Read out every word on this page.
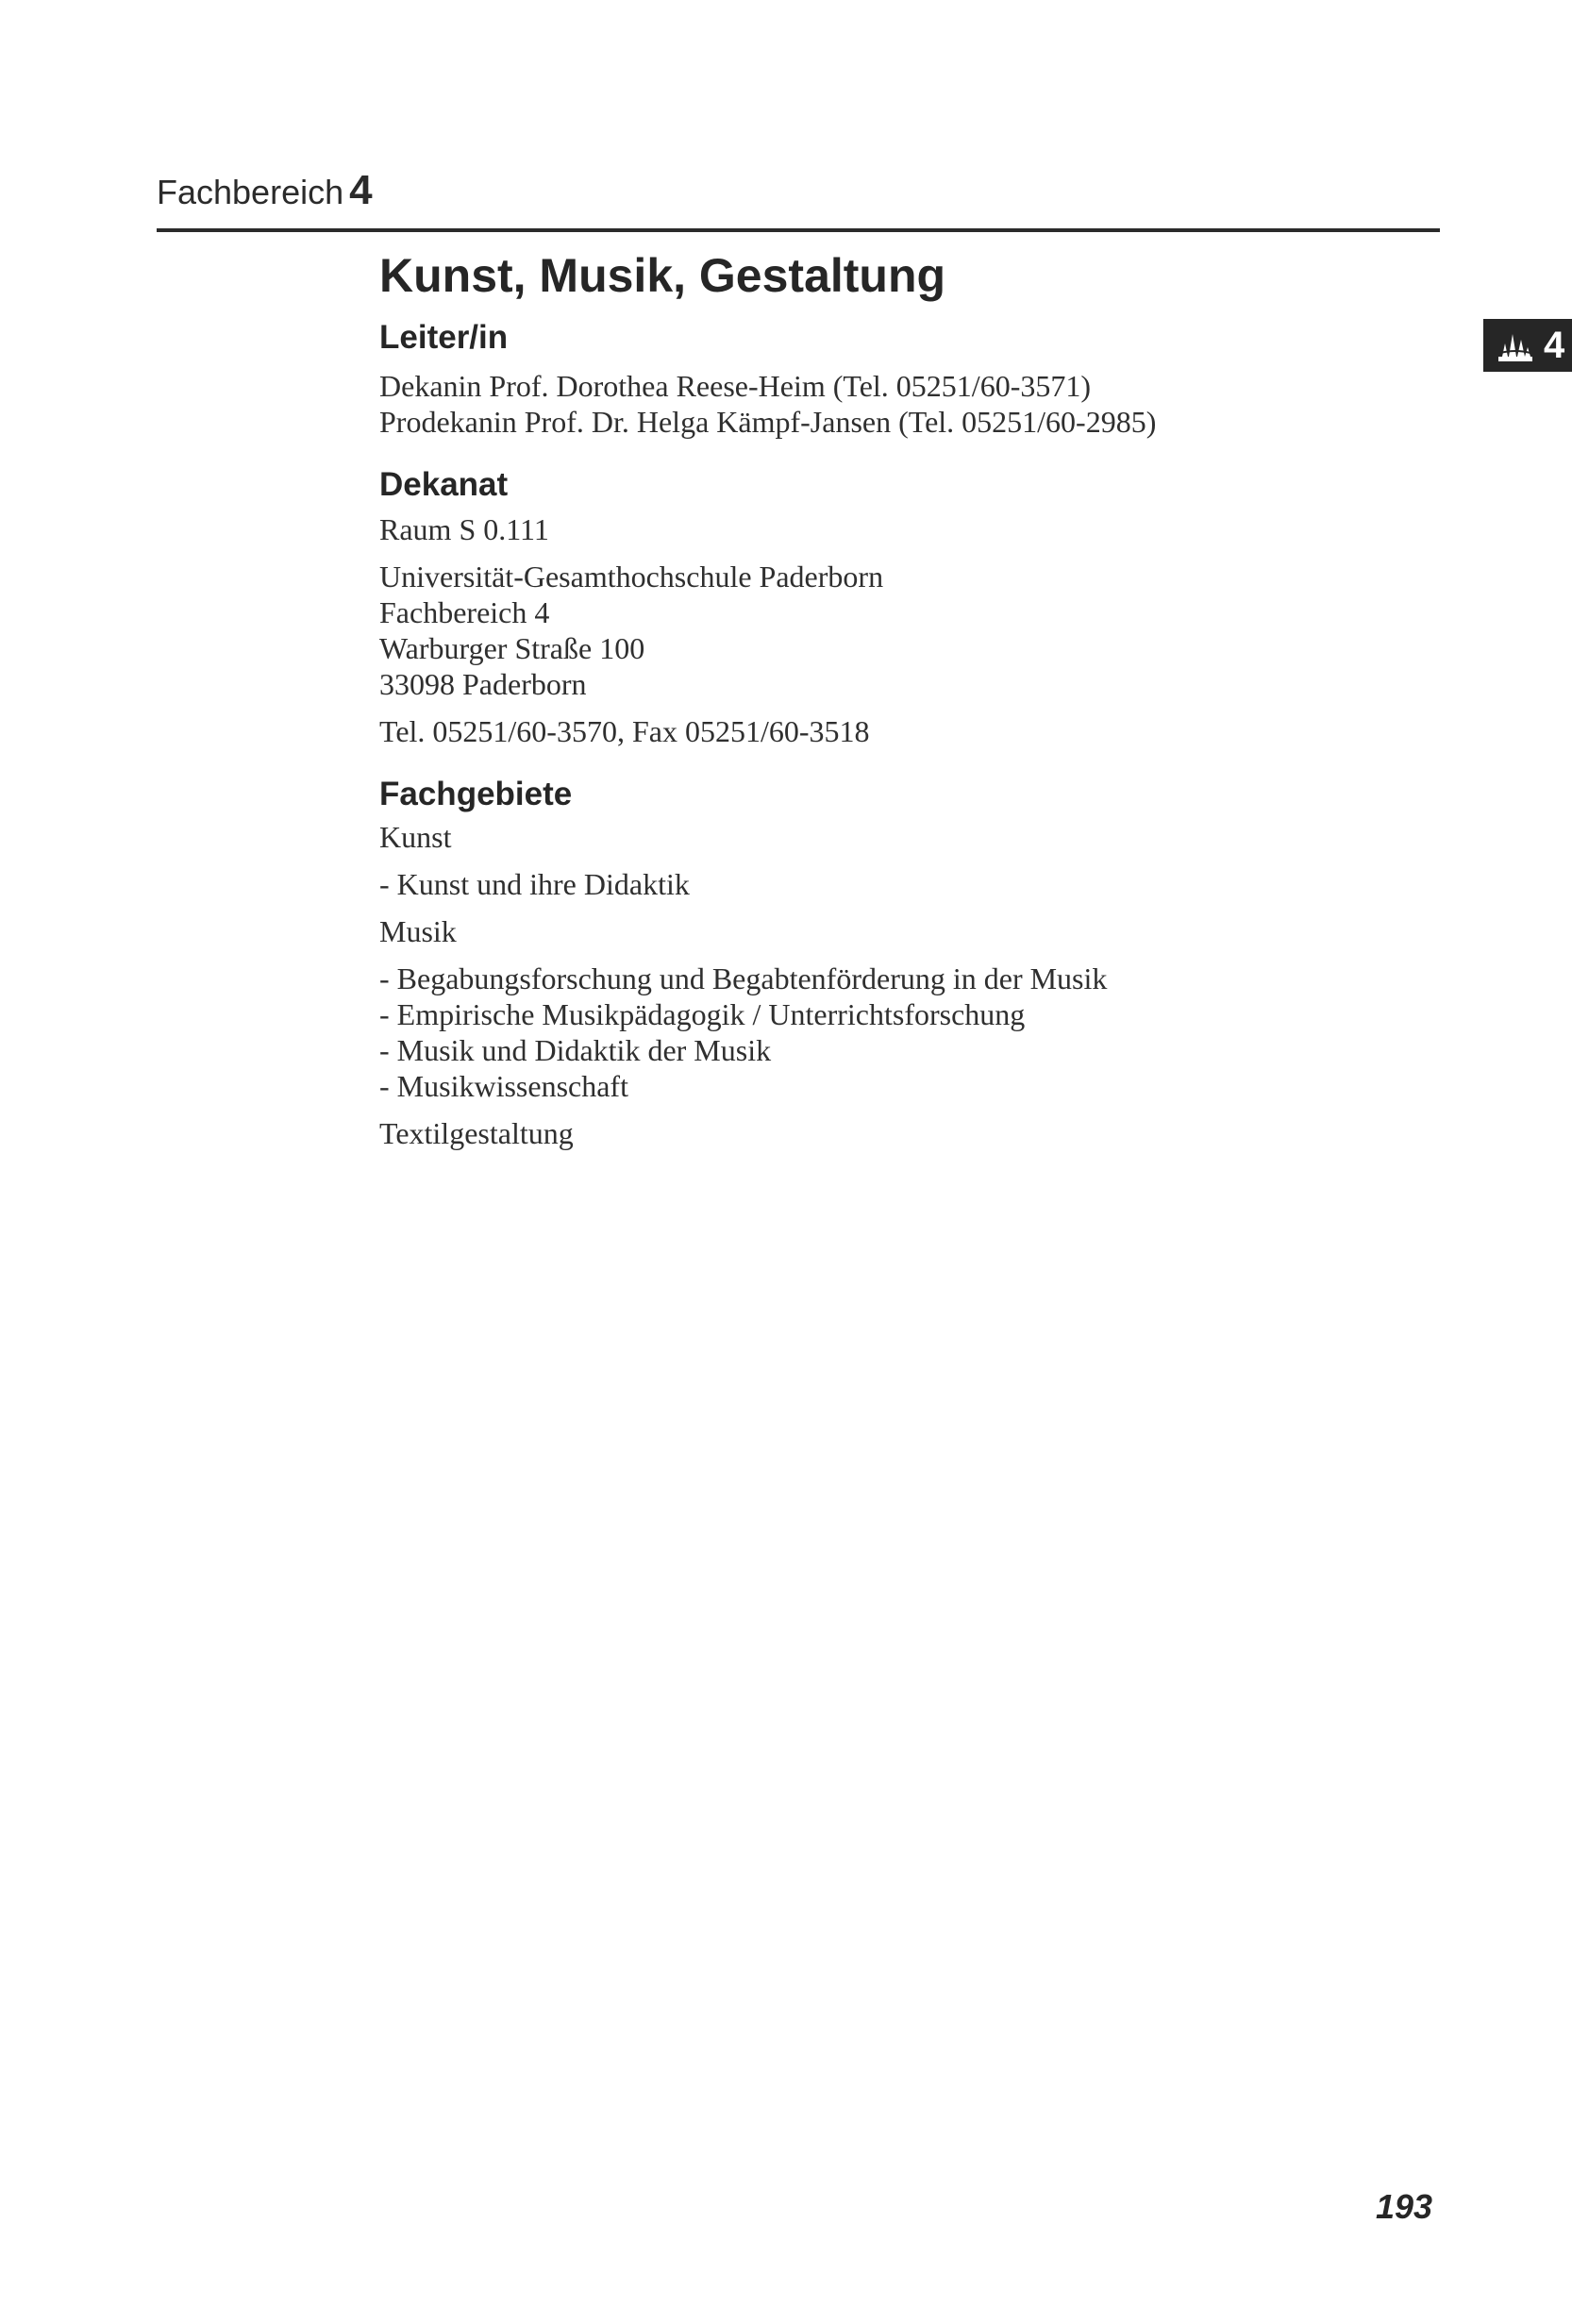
Fachbereich 4
4
Kunst, Musik, Gestaltung
Leiter/in
Dekanin Prof. Dorothea Reese-Heim (Tel. 05251/60-3571)
Prodekanin Prof. Dr. Helga Kämpf-Jansen (Tel. 05251/60-2985)
Dekanat
Raum S 0.111
Universität-Gesamthochschule Paderborn
Fachbereich 4
Warburger Straße 100
33098 Paderborn
Tel. 05251/60-3570, Fax 05251/60-3518
Fachgebiete
Kunst
- Kunst und ihre Didaktik
Musik
- Begabungsforschung und Begabtenförderung in der Musik
- Empirische Musikpädagogik / Unterrichtsforschung
- Musik und Didaktik der Musik
- Musikwissenschaft
Textilgestaltung
193
